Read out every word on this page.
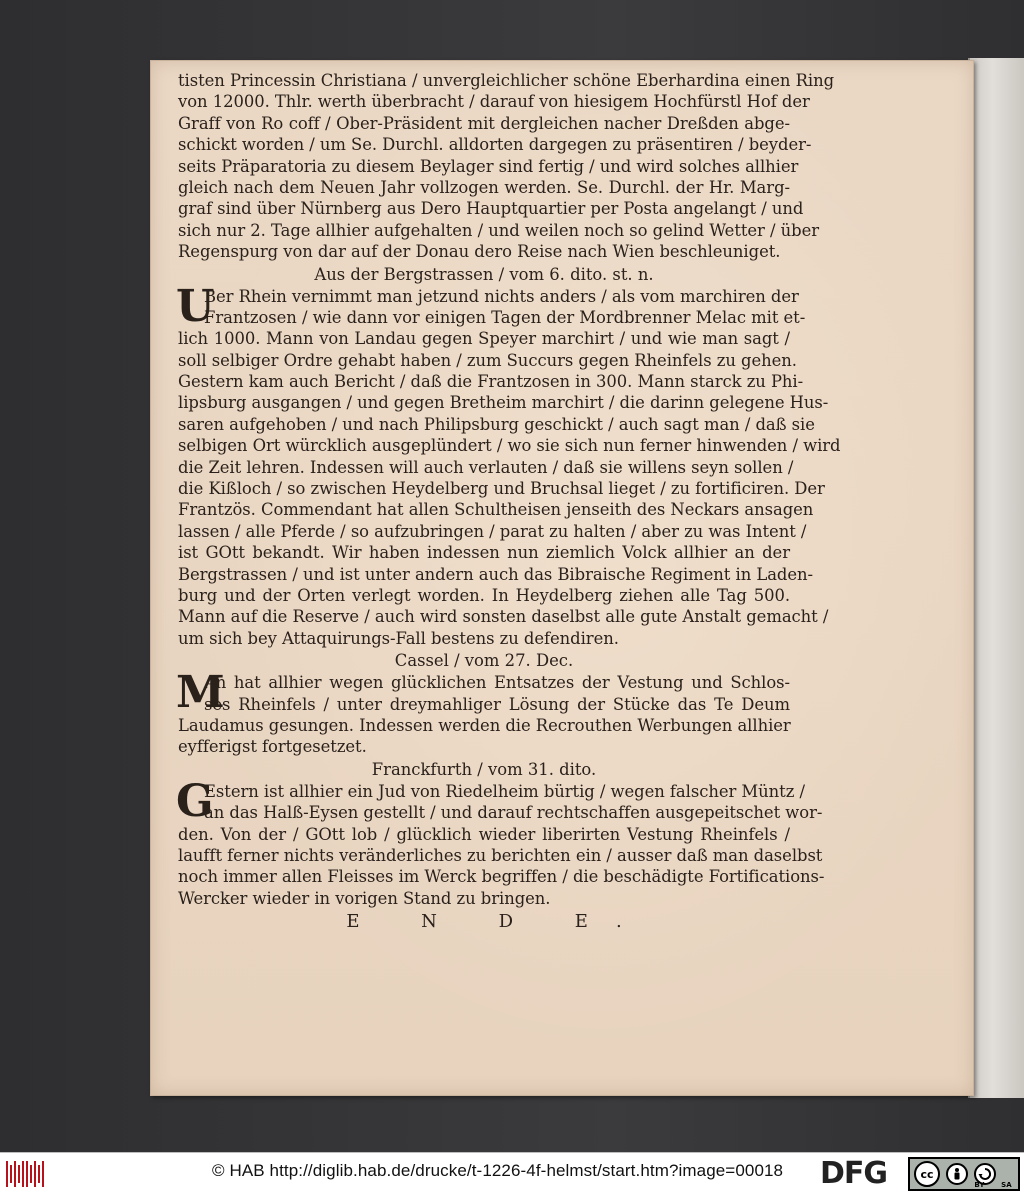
tisten Princessin Christiana / unvergleichlicher schöne Eberhardina einen Ring
von 12000. Thlr. werth überbracht / darauf von hiesigem Hochfürstl Hof der
Graff von Ro coff / Ober-Präsident mit dergleichen nacher Dreßden abge-
schickt worden / um Se. Durchl. alldorten dargegen zu präsentiren / beyder-
seits Präparatoria zu diesem Beylager sind fertig / und wird solches allhier
gleich nach dem Neuen Jahr vollzogen werden. Se. Durchl. der Hr. Marg-
graf sind über Nürnberg aus Dero Hauptquartier per Posta angelangt / und
sich nur 2. Tage allhier aufgehalten / und weilen noch so gelind Wetter / über
Regenspurg von dar auf der Donau dero Reise nach Wien beschleuniget.
Aus der Bergstrassen / vom 6. dito. st. n.
U
Ber Rhein vernimmt man jetzund nichts anders / als vom marchiren der
Frantzosen / wie dann vor einigen Tagen der Mordbrenner Melac mit et-
lich 1000. Mann von Landau gegen Speyer marchirt / und wie man sagt /
soll selbiger Ordre gehabt haben / zum Succurs gegen Rheinfels zu gehen.
Gestern kam auch Bericht / daß die Frantzosen in 300. Mann starck zu Phi-
lipsburg ausgangen / und gegen Bretheim marchirt / die darinn gelegene Hus-
saren aufgehoben / und nach Philipsburg geschickt / auch sagt man / daß sie
selbigen Ort würcklich ausgeplündert / wo sie sich nun ferner hinwenden / wird
die Zeit lehren. Indessen will auch verlauten / daß sie willens seyn sollen /
die Kißloch / so zwischen Heydelberg und Bruchsal lieget / zu fortificiren. Der
Frantzös. Commendant hat allen Schultheisen jenseith des Neckars ansagen
lassen / alle Pferde / so aufzubringen / parat zu halten / aber zu was Intent /
ist GOtt bekandt. Wir haben indessen nun ziemlich Volck allhier an der
Bergstrassen / und ist unter andern auch das Bibraische Regiment in Laden-
burg und der Orten verlegt worden. In Heydelberg ziehen alle Tag 500.
Mann auf die Reserve / auch wird sonsten daselbst alle gute Anstalt gemacht /
um sich bey Attaquirungs-Fall bestens zu defendiren.
Cassel / vom 27. Dec.
M
An hat allhier wegen glücklichen Entsatzes der Vestung und Schlos-
ses Rheinfels / unter dreymahliger Lösung der Stücke das Te Deum
Laudamus gesungen. Indessen werden die Recrouthen Werbungen allhier
eyfferigst fortgesetzet.
Franckfurth / vom 31. dito.
G
Estern ist allhier ein Jud von Riedelheim bürtig / wegen falscher Müntz /
an das Halß-Eysen gestellt / und darauf rechtschaffen ausgepeitschet wor-
den. Von der / GOtt lob / glücklich wieder liberirten Vestung Rheinfels /
laufft ferner nichts veränderliches zu berichten ein / ausser daß man daselbst
noch immer allen Fleisses im Werck begriffen / die beschädigte Fortifications-
Wercker wieder in vorigen Stand zu bringen.
E N D E.
© HAB http://diglib.hab.de/drucke/t-1226-4f-helmst/start.htm?image=00018 DFG	cc
BY SA
